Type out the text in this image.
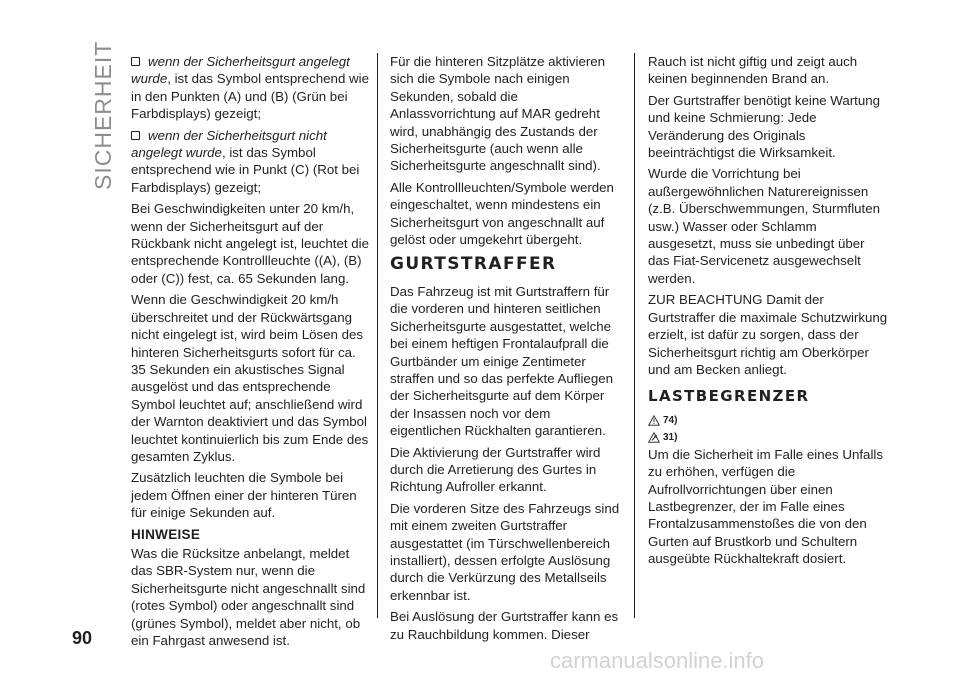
SICHERHEIT	wenn der Sicherheitsgurt angelegt wurde, ist das Symbol entsprechend wie in den Punkten (A) und (B) (Grün bei Farbdisplays) gezeigt;

wenn der Sicherheitsgurt nicht angelegt wurde, ist das Symbol entsprechend wie in Punkt (C) (Rot bei Farbdisplays) gezeigt;

Bei Geschwindigkeiten unter 20 km/h, wenn der Sicherheitsgurt auf der Rückbank nicht angelegt ist, leuchtet die entsprechende Kontrollleuchte ((A), (B) oder (C)) fest, ca. 65 Sekunden lang.

Wenn die Geschwindigkeit 20 km/h überschreitet und der Rückwärtsgang nicht eingelegt ist, wird beim Lösen des hinteren Sicherheitsgurts sofort für ca. 35 Sekunden ein akustisches Signal ausgelöst und das entsprechende Symbol leuchtet auf; anschließend wird der Warnton deaktiviert und das Symbol leuchtet kontinuierlich bis zum Ende des gesamten Zyklus.

Zusätzlich leuchten die Symbole bei jedem Öffnen einer der hinteren Türen für einige Sekunden auf.

HINWEISE

Was die Rücksitze anbelangt, meldet das SBR-System nur, wenn die Sicherheitsgurte nicht angeschnallt sind (rotes Symbol) oder angeschnallt sind (grünes Symbol), meldet aber nicht, ob ein Fahrgast anwesend ist.

Für die hinteren Sitzplätze aktivieren sich die Symbole nach einigen Sekunden, sobald die Anlassvorrichtung auf MAR gedreht wird, unabhängig des Zustands der Sicherheitsgurte (auch wenn alle Sicherheitsgurte angeschnallt sind).

Alle Kontrollleuchten/Symbole werden eingeschaltet, wenn mindestens ein Sicherheitsgurt von angeschnallt auf gelöst oder umgekehrt übergeht.

GURTSTRAFFER

Das Fahrzeug ist mit Gurtstraffern für die vorderen und hinteren seitlichen Sicherheitsgurte ausgestattet, welche bei einem heftigen Frontalaufprall die Gurtbänder um einige Zentimeter straffen und so das perfekte Aufliegen der Sicherheitsgurte auf dem Körper der Insassen noch vor dem eigentlichen Rückhalten garantieren.

Die Aktivierung der Gurtstraffer wird durch die Arretierung des Gurtes in Richtung Aufroller erkannt.

Die vorderen Sitze des Fahrzeugs sind mit einem zweiten Gurtstraffer ausgestattet (im Türschwellenbereich installiert), dessen erfolgte Auslösung durch die Verkürzung des Metallseils erkennbar ist.

Bei Auslösung der Gurtstraffer kann es zu Rauchbildung kommen. Dieser

Rauch ist nicht giftig und zeigt auch keinen beginnenden Brand an.

Der Gurtstraffer benötigt keine Wartung und keine Schmierung: Jede Veränderung des Originals beeinträchtigst die Wirksamkeit.

Wurde die Vorrichtung bei außergewöhnlichen Naturereignissen (z.B. Überschwemmungen, Sturmfluten usw.) Wasser oder Schlamm ausgesetzt, muss sie unbedingt über das Fiat-Servicenetz ausgewechselt werden.

ZUR BEACHTUNG Damit der Gurtstraffer die maximale Schutzwirkung erzielt, ist dafür zu sorgen, dass der Sicherheitsgurt richtig am Oberkörper und am Becken anliegt.

LASTBEGRENZER
74)
31)

Um die Sicherheit im Falle eines Unfalls zu erhöhen, verfügen die Aufrollvorrichtungen über einen Lastbegrenzer, der im Falle eines Frontalzusammenstoßes die von den Gurten auf Brustkorb und Schultern ausgeübte Rückhaltekraft dosiert.

90
carmanualsonline.info
